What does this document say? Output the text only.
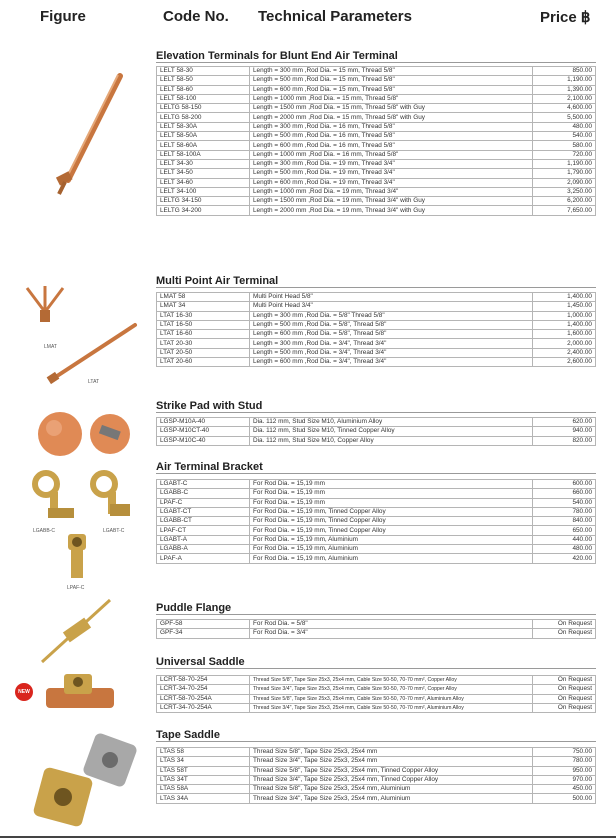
Figure	Code No. Technical Parameters	Price ฿
Elevation Terminals for Blunt End Air Terminal
LELT 58-30	Length = 300 mm ,Rod Dia. = 15 mm, Thread 5/8"	850.00
LELT 58-50	Length = 500 mm ,Rod Dia. = 15 mm, Thread 5/8"	1,190.00
LELT 58-60	Length = 600 mm ,Rod Dia. = 15 mm, Thread 5/8"	1,390.00
LELT 58-100	Length = 1000 mm ,Rod Dia. = 15 mm, Thread 5/8"	2,100.00
LELTG 58-150	Length = 1500 mm ,Rod Dia. = 15 mm, Thread 5/8" with Guy	4,600.00
LELTG 58-200	Length = 2000 mm ,Rod Dia. = 15 mm, Thread 5/8" with Guy	5,500.00
LELT 58-30A	Length = 300 mm ,Rod Dia. = 16 mm, Thread 5/8"	480.00
LELT 58-50A	Length = 500 mm ,Rod Dia. = 16 mm, Thread 5/8"	540.00
LELT 58-60A	Length = 600 mm ,Rod Dia. = 16 mm, Thread 5/8"	580.00
LELT 58-100A	Length = 1000 mm ,Rod Dia. = 16 mm, Thread 5/8"	720.00
LELT 34-30	Length = 300 mm ,Rod Dia. = 19 mm, Thread 3/4"	1,190.00
LELT 34-50	Length = 500 mm ,Rod Dia. = 19 mm, Thread 3/4"	1,790.00
LELT 34-60	Length = 600 mm ,Rod Dia. = 19 mm, Thread 3/4"	2,090.00
LELT 34-100	Length = 1000 mm ,Rod Dia. = 19 mm, Thread 3/4"	3,250.00
LELTG 34-150	Length = 1500 mm ,Rod Dia. = 19 mm, Thread 3/4" with Guy	6,200.00
LELTG 34-200	Length = 2000 mm ,Rod Dia. = 19 mm, Thread 3/4" with Guy	7,650.00
Multi Point Air Terminal
LMAT 58	Multi Point Head 5/8"	1,400.00
LMAT 34	Multi Point Head 3/4"	1,450.00
LTAT 16-30	Length = 300 mm ,Rod Dia. = 5/8" Thread 5/8"	1,000.00
LTAT 16-50	Length = 500 mm ,Rod Dia. = 5/8", Thread 5/8"	1,400.00
LTAT 16-60	Length = 600 mm ,Rod Dia. = 5/8", Thread 5/8"	1,600.00
LTAT 20-30	Length = 300 mm ,Rod Dia. = 3/4", Thread 3/4"	2,000.00
LTAT 20-50	Length = 500 mm ,Rod Dia. = 3/4", Thread 3/4"	2,400.00
LTAT 20-60	Length = 600 mm ,Rod Dia. = 3/4", Thread 3/4"	2,600.00
Strike Pad with Stud
LGSP-M10A-40	Dia. 112 mm, Stud Size M10, Aluminium Alloy	620.00
LGSP-M10CT-40	Dia. 112 mm, Stud Size M10, Tinned Copper Alloy	940.00
LGSP-M10C-40	Dia. 112 mm, Stud Size M10, Copper Alloy	820.00
Air Terminal Bracket
LGABT-C	For Rod Dia. = 15,19 mm	600.00
LGABB-C	For Rod Dia. = 15,19 mm	660.00
LPAF-C	For Rod Dia. = 15,19 mm	540.00
LGABT-CT	For Rod Dia. = 15,19 mm, Tinned Copper Alloy	780.00
LGABB-CT	For Rod Dia. = 15,19 mm, Tinned Copper Alloy	840.00
LPAF-CT	For Rod Dia. = 15,19 mm, Tinned Copper Alloy	650.00
LGABT-A	For Rod Dia. = 15,19 mm, Aluminium	440.00
LGABB-A	For Rod Dia. = 15,19 mm, Aluminium	480.00
LPAF-A	For Rod Dia. = 15,19 mm, Aluminium	420.00
Puddle Flange
GPF-58	For Rod Dia. = 5/8"	On Request
GPF-34	For Rod Dia. = 3/4"	On Request
Universal Saddle
LCRT-58-70-254	Thread Size 5/8", Tape Size 25x3, 25x4 mm, Cable Size 50-50, 70-70 mm², Copper Alloy	On Request
LCRT-34-70-254	Thread Size 3/4", Tape Size 25x3, 25x4 mm, Cable Size 50-50, 70-70 mm², Copper Alloy	On Request
LCRT-58-70-254A	Thread Size 5/8", Tape Size 25x3, 25x4 mm, Cable Size 50-50, 70-70 mm², Aluminium Alloy	On Request
LCRT-34-70-254A	Thread Size 3/4", Tape Size 25x3, 25x4 mm, Cable Size 50-50, 70-70 mm², Aluminium Alloy	On Request
Tape Saddle
LTAS 58	Thread Size 5/8", Tape Size 25x3, 25x4 mm	750.00
LTAS 34	Thread Size 3/4", Tape Size 25x3, 25x4 mm	780.00
LTAS 58T	Thread Size 5/8", Tape Size 25x3, 25x4 mm, Tinned Copper Alloy	950.00
LTAS 34T	Thread Size 3/4", Tape Size 25x3, 25x4 mm, Tinned Copper Alloy	970.00
LTAS 58A	Thread Size 5/8", Tape Size 25x3, 25x4 mm, Aluminium	450.00
LTAS 34A	Thread Size 3/4", Tape Size 25x3, 25x4 mm, Aluminium	500.00
LMAT
LTAT
LGABB-C	LGABT-C
LPAF-C
NEW
